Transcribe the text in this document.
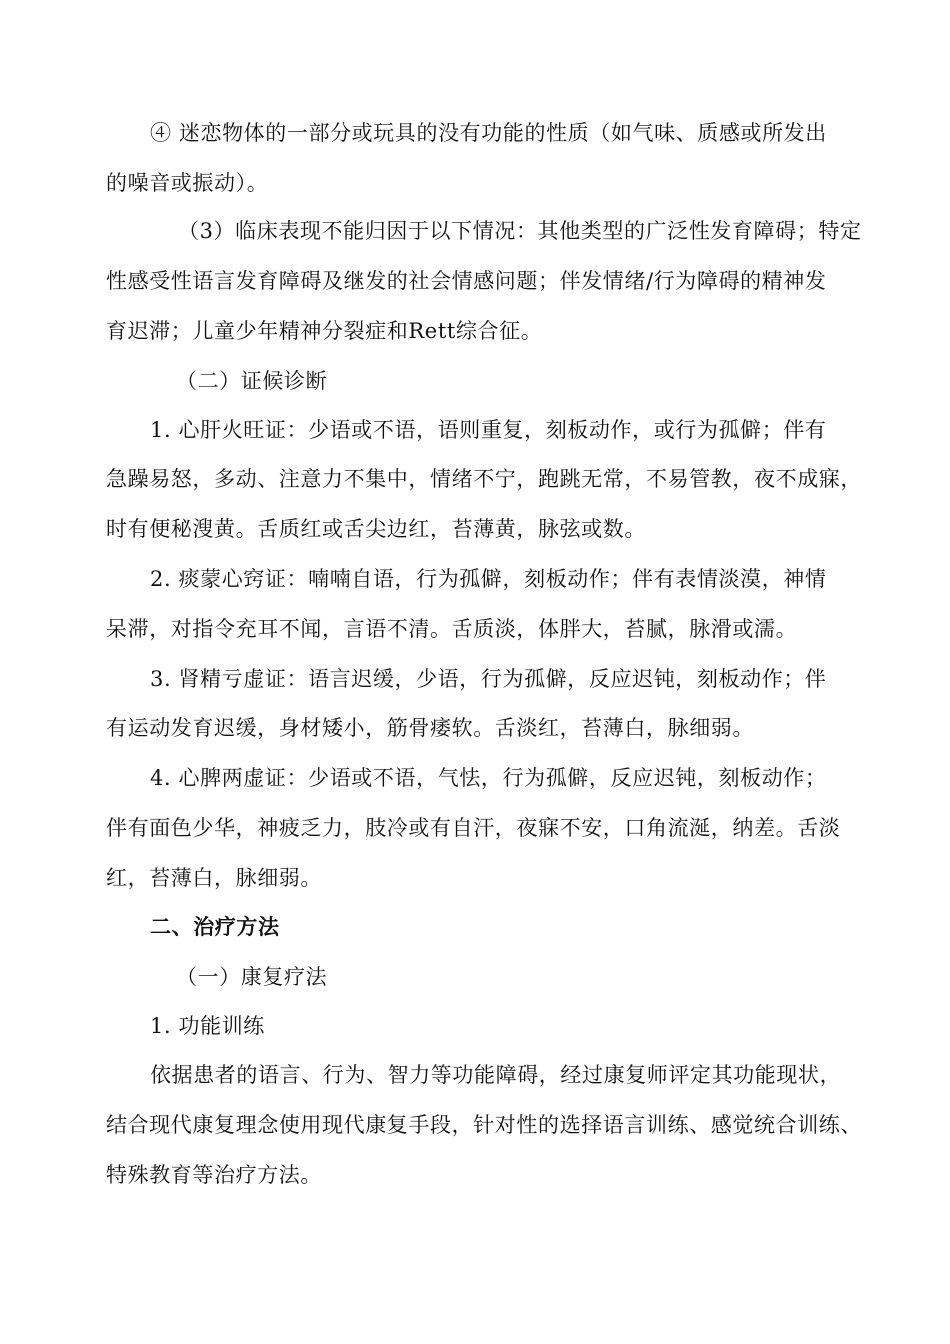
④ 迷恋物体的一部分或玩具的没有功能的性质（如气味、质感或所发出
的噪音或振动）。
（3）临床表现不能归因于以下情况：其他类型的广泛性发育障碍；特定
性感受性语言发育障碍及继发的社会情感问题；伴发情绪/行为障碍的精神发
育迟滞；儿童少年精神分裂症和Rett综合征。
（二）证候诊断
1. 心肝火旺证：少语或不语，语则重复，刻板动作，或行为孤僻；伴有
急躁易怒，多动、注意力不集中，情绪不宁，跑跳无常，不易管教，夜不成寐，
时有便秘溲黄。舌质红或舌尖边红，苔薄黄，脉弦或数。
2. 痰蒙心窍证：喃喃自语，行为孤僻，刻板动作；伴有表情淡漠，神情
呆滞，对指令充耳不闻，言语不清。舌质淡，体胖大，苔腻，脉滑或濡。
3. 肾精亏虚证：语言迟缓，少语，行为孤僻，反应迟钝，刻板动作；伴
有运动发育迟缓，身材矮小，筋骨痿软。舌淡红，苔薄白，脉细弱。
4. 心脾两虚证：少语或不语，气怯，行为孤僻，反应迟钝，刻板动作；
伴有面色少华，神疲乏力，肢冷或有自汗，夜寐不安，口角流涎，纳差。舌淡
红，苔薄白，脉细弱。
二、治疗方法
（一）康复疗法
1. 功能训练
依据患者的语言、行为、智力等功能障碍，经过康复师评定其功能现状，
结合现代康复理念使用现代康复手段，针对性的选择语言训练、感觉统合训练、
特殊教育等治疗方法。
